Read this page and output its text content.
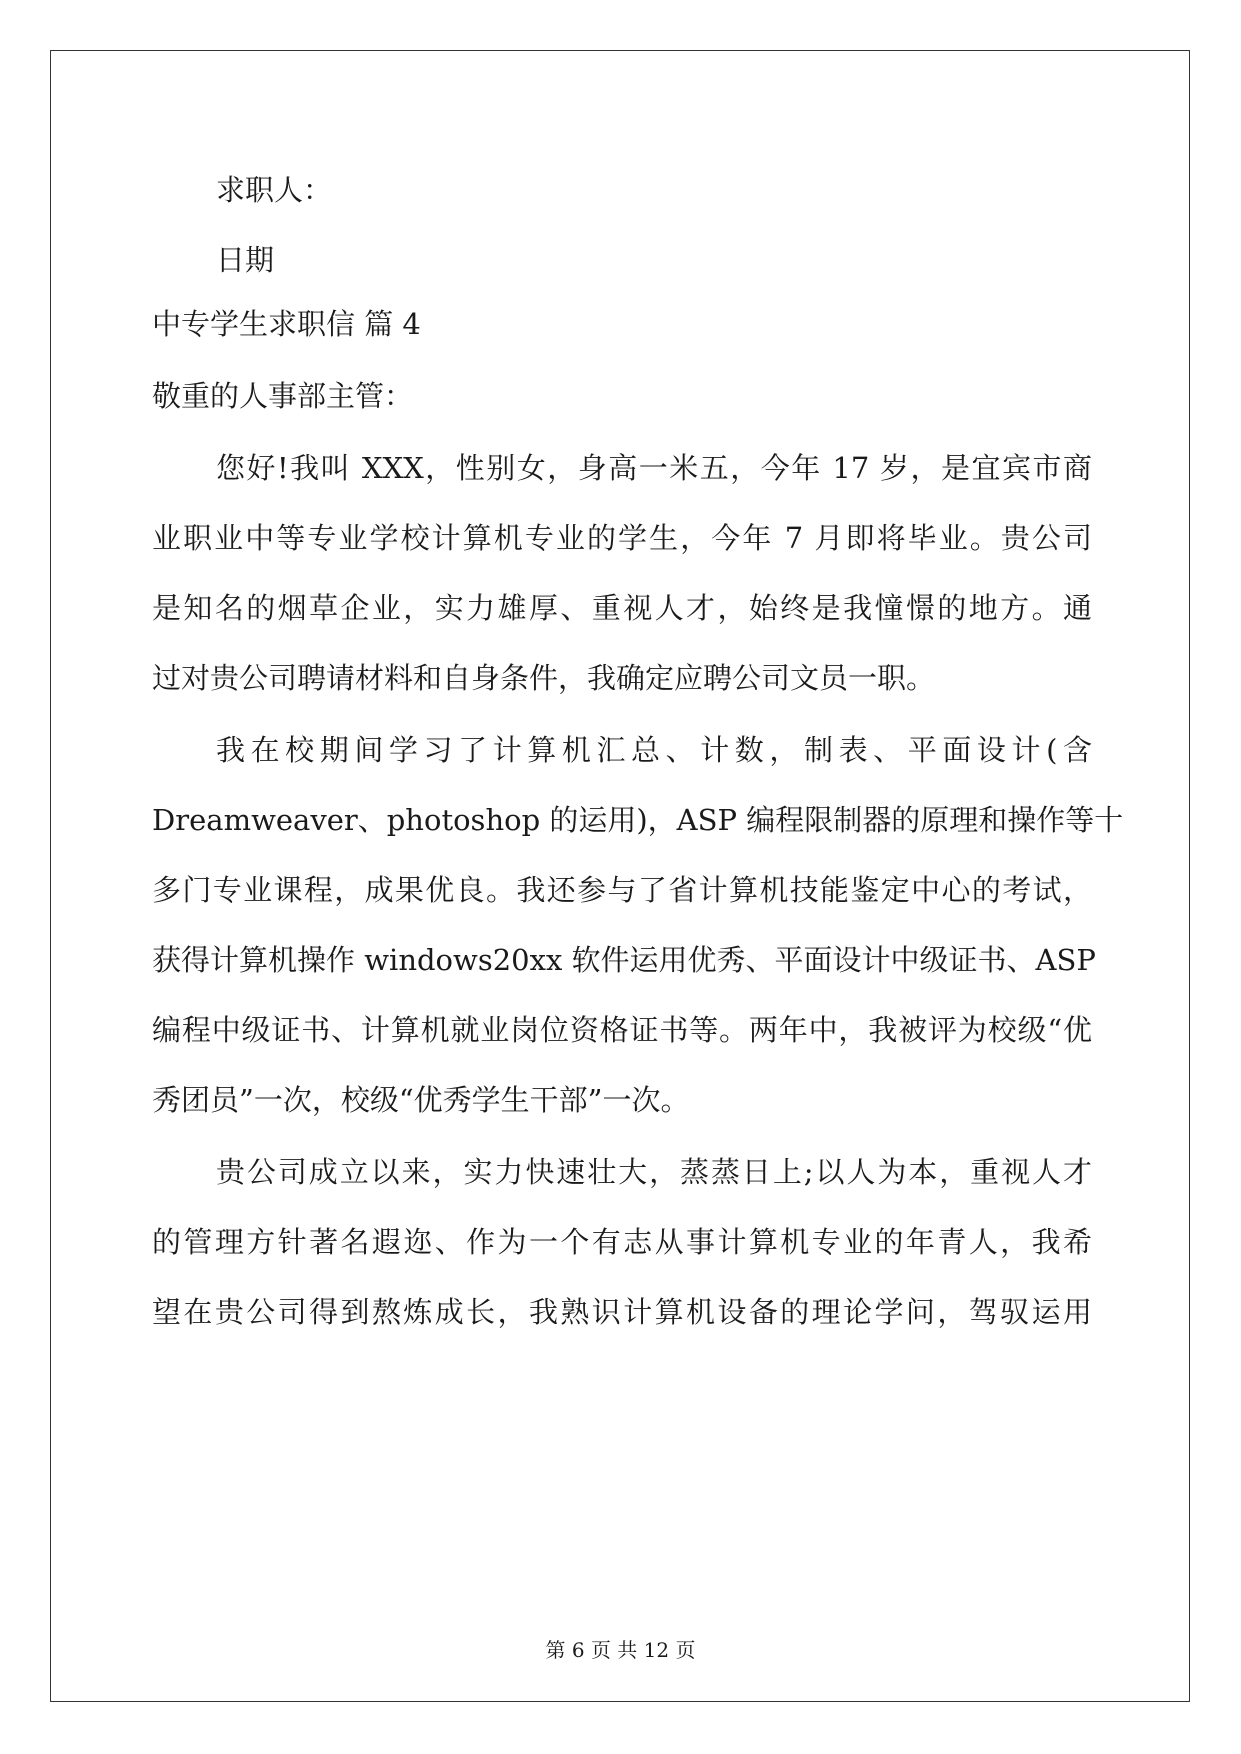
求职人：
日期
中专学生求职信 篇 4
敬重的人事部主管：
您好!我叫 XXX，性别女，身高一米五，今年 17 岁，是宜宾市商
业职业中等专业学校计算机专业的学生，今年 7 月即将毕业。贵公司
是知名的烟草企业，实力雄厚、重视人才，始终是我憧憬的地方。通
过对贵公司聘请材料和自身条件，我确定应聘公司文员一职。
我在校期间学习了计算机汇总、计数，制表、平面设计(含
Dreamweaver、photoshop 的运用)，ASP 编程限制器的原理和操作等十
多门专业课程，成果优良。我还参与了省计算机技能鉴定中心的考试，
获得计算机操作 windows20xx 软件运用优秀、平面设计中级证书、ASP
编程中级证书、计算机就业岗位资格证书等。两年中，我被评为校级“优
秀团员”一次，校级“优秀学生干部”一次。
贵公司成立以来，实力快速壮大，蒸蒸日上;以人为本，重视人才
的管理方针著名遐迩、作为一个有志从事计算机专业的年青人，我希
望在贵公司得到熬炼成长，我熟识计算机设备的理论学问，驾驭运用
第 6 页 共 12 页
